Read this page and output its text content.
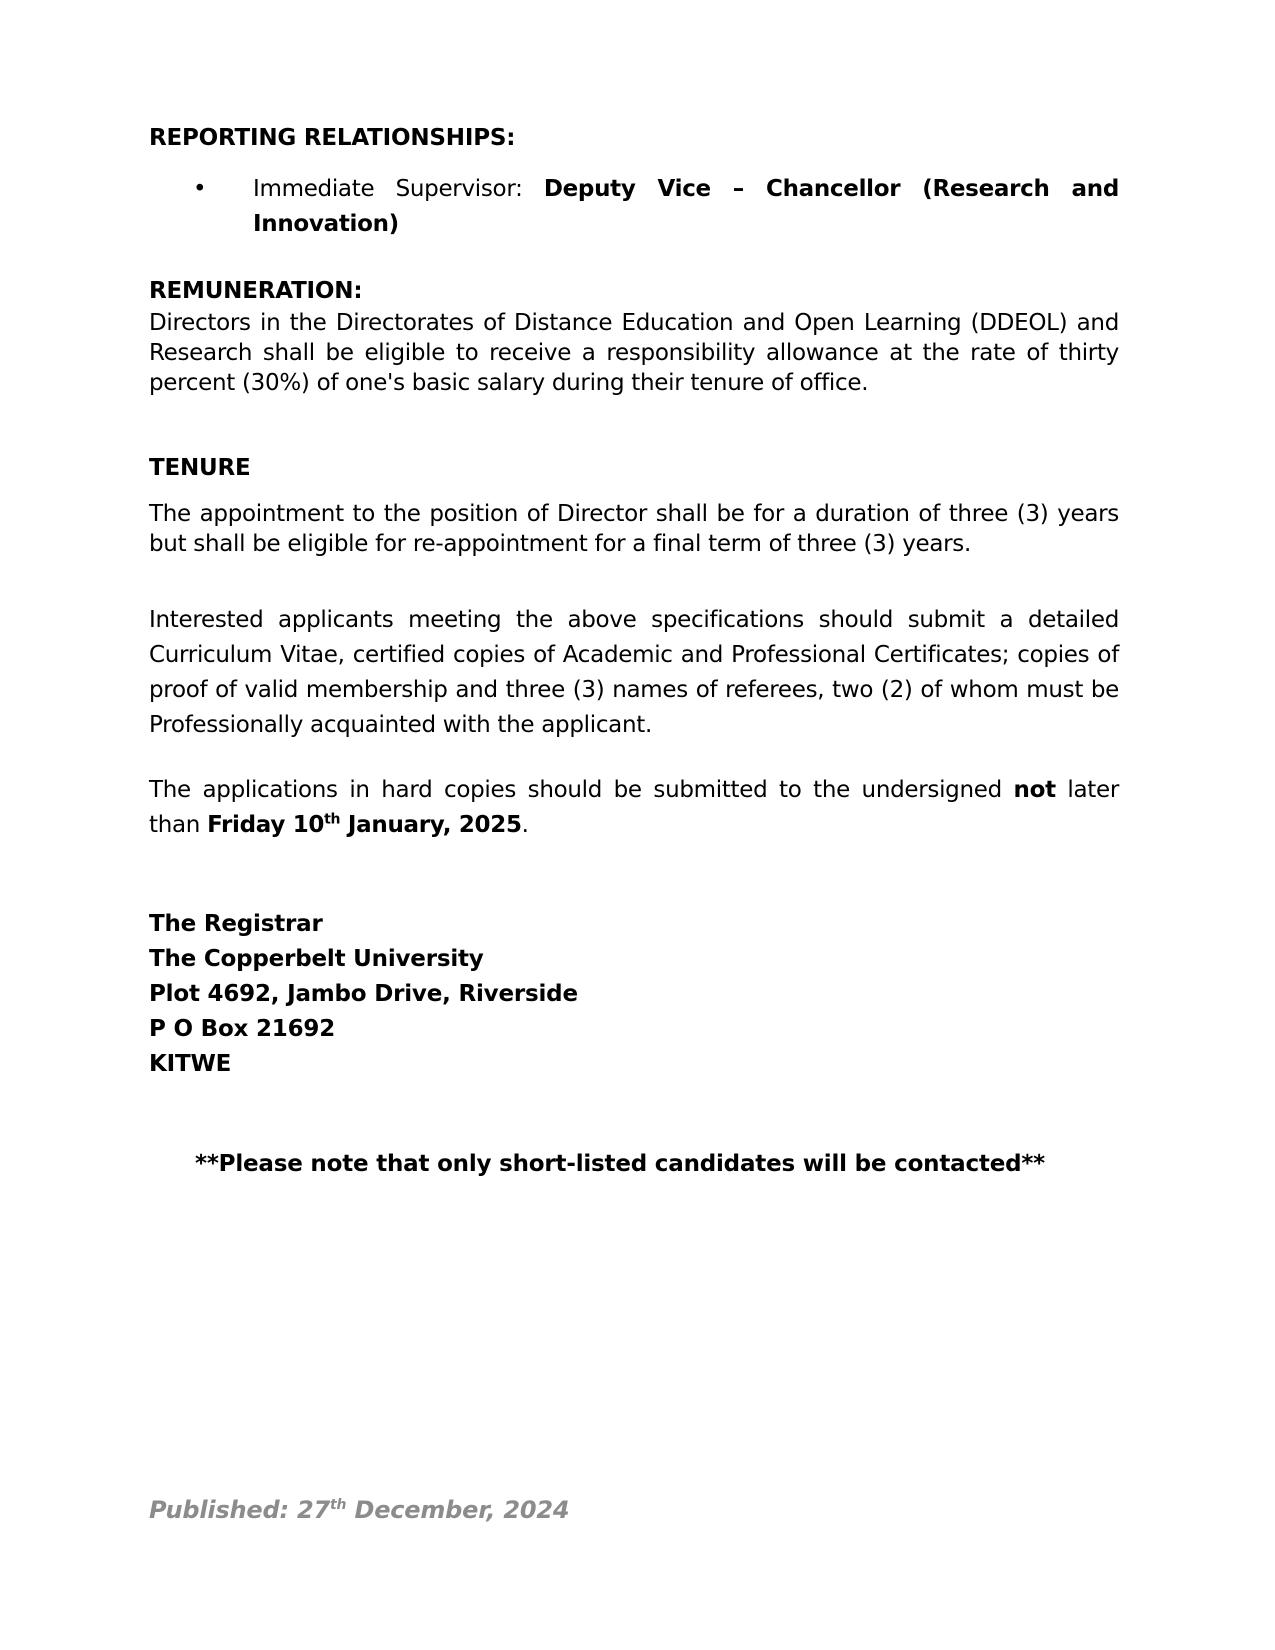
REPORTING RELATIONSHIPS:
• Immediate Supervisor: Deputy Vice – Chancellor (Research and Innovation)
REMUNERATION:
Directors in the Directorates of Distance Education and Open Learning (DDEOL) and Research shall be eligible to receive a responsibility allowance at the rate of thirty percent (30%) of one's basic salary during their tenure of office.
TENURE
The appointment to the position of Director shall be for a duration of three (3) years but shall be eligible for re-appointment for a final term of three (3) years.
Interested applicants meeting the above specifications should submit a detailed Curriculum Vitae, certified copies of Academic and Professional Certificates; copies of proof of valid membership and three (3) names of referees, two (2) of whom must be Professionally acquainted with the applicant.
The applications in hard copies should be submitted to the undersigned not later than Friday 10th January, 2025.
The Registrar
The Copperbelt University
Plot 4692, Jambo Drive, Riverside
P O Box 21692
KITWE
**Please note that only short-listed candidates will be contacted**
Published: 27th December, 2024
